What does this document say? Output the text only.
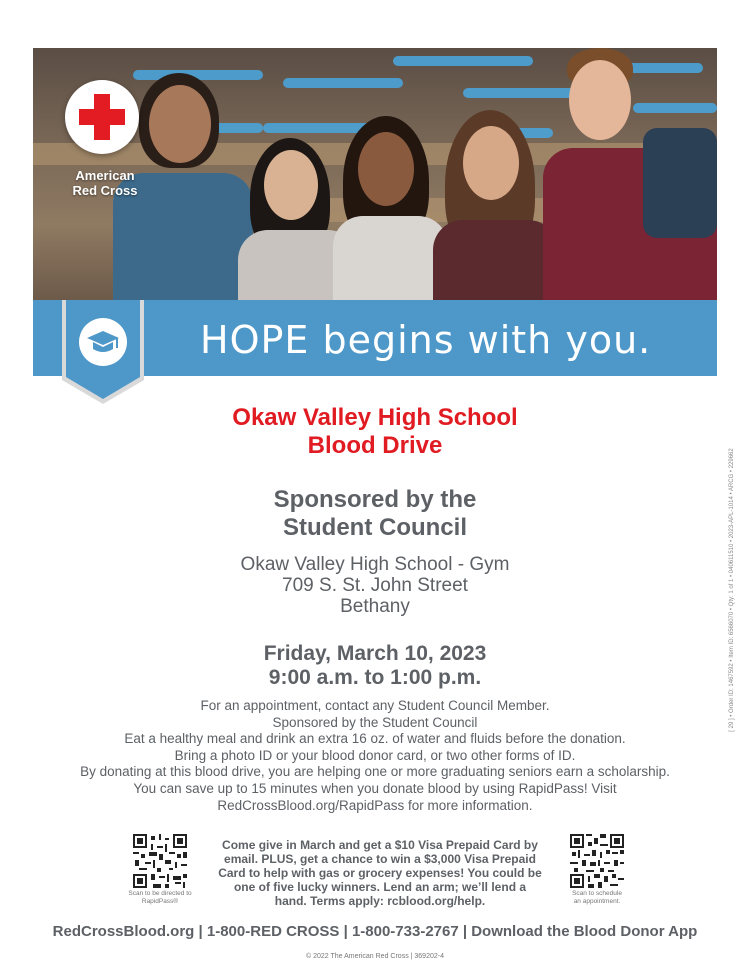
American
Red Cross
HOPE begins with you.
Okaw Valley High School
Blood Drive
Sponsored by the
Student Council
Okaw Valley High School - Gym
709 S. St. John Street
Bethany
Friday, March 10, 2023
9:00 a.m. to 1:00 p.m.
For an appointment, contact any Student Council Member.
Sponsored by the Student Council
Eat a healthy meal and drink an extra 16 oz. of water and fluids before the donation.
Bring a photo ID or your blood donor card, or two other forms of ID.
By donating at this blood drive, you are helping one or more graduating seniors earn a scholarship.
You can save up to 15 minutes when you donate blood by using RapidPass! Visit
RedCrossBlood.org/RapidPass for more information.
Scan to be directed to
RapidPass®
Come give in March and get a $10 Visa Prepaid Card by
email. PLUS, get a chance to win a $3,000 Visa Prepaid
Card to help with gas or grocery expenses! You could be
one of five lucky winners. Lend an arm; we’ll lend a
hand. Terms apply: rcblood.org/help.
Scan to schedule
an appointment.
RedCrossBlood.org | 1-800-RED CROSS | 1-800-733-2767 | Download the Blood Donor App
© 2022 The American Red Cross | 369202-4
[ 29 ] • Order ID: 1467592 • Item ID: 6566070 • Qty: 1 of 1 • 040611510 • 2023-APL-1014 • ARCG • 229662
